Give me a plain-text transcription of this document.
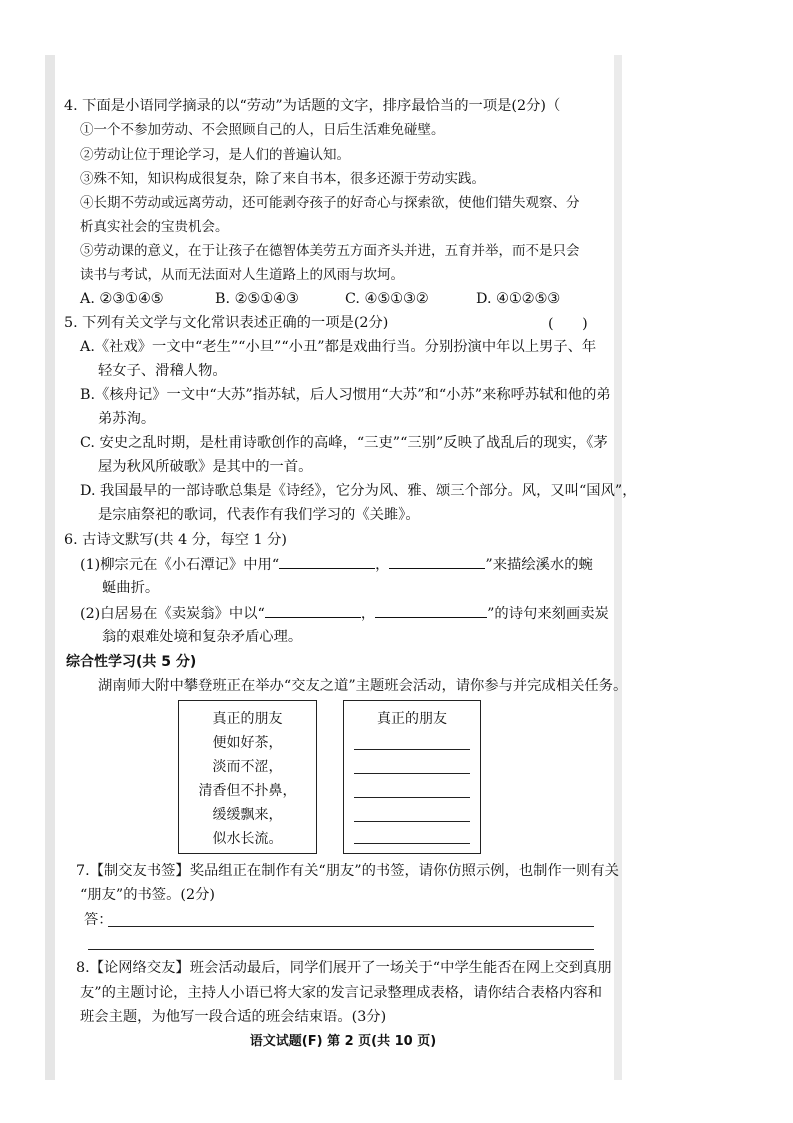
4. 下面是小语同学摘录的以“劳动”为话题的文字，排序最恰当的一项是(2分)（
①一个不参加劳动、不会照顾自己的人，日后生活难免碰壁。
②劳动让位于理论学习，是人们的普遍认知。
③殊不知，知识构成很复杂，除了来自书本，很多还源于劳动实践。
④长期不劳动或远离劳动，还可能剥夺孩子的好奇心与探索欲，使他们错失观察、分
析真实社会的宝贵机会。
⑤劳动课的意义，在于让孩子在德智体美劳五方面齐头并进，五育并举，而不是只会
读书与考试，从而无法面对人生道路上的风雨与坎坷。
A. ②③①④⑤	B. ②⑤①④③	C. ④⑤①③②	D. ④①②⑤③
5. 下列有关文学与文化常识表述正确的一项是(2分)	(　　)
A.《社戏》一文中“老生”“小旦”“小丑”都是戏曲行当。分别扮演中年以上男子、年
轻女子、滑稽人物。
B.《核舟记》一文中“大苏”指苏轼，后人习惯用“大苏”和“小苏”来称呼苏轼和他的弟
弟苏洵。
C. 安史之乱时期，是杜甫诗歌创作的高峰，“三吏”“三别”反映了战乱后的现实，《茅
屋为秋风所破歌》是其中的一首。
D. 我国最早的一部诗歌总集是《诗经》，它分为风、雅、颂三个部分。风，又叫“国风”，
是宗庙祭祀的歌词，代表作有我们学习的《关雎》。
6. 古诗文默写(共 4 分，每空 1 分)
(1)柳宗元在《小石潭记》中用“	，	”来描绘溪水的蜿
蜒曲折。
(2)白居易在《卖炭翁》中以“	，	”的诗句来刻画卖炭
翁的艰难处境和复杂矛盾心理。
综合性学习(共 5 分)
湖南师大附中攀登班正在举办“交友之道”主题班会活动，请你参与并完成相关任务。
真正的朋友
便如好茶，
淡而不涩，
清香但不扑鼻，
缓缓飘来，
似水长流。
真正的朋友
7.【制交友书签】奖品组正在制作有关“朋友”的书签，请你仿照示例，也制作一则有关
“朋友”的书签。(2分)
答：
8.【论网络交友】班会活动最后，同学们展开了一场关于“中学生能否在网上交到真朋
友”的主题讨论，主持人小语已将大家的发言记录整理成表格，请你结合表格内容和
班会主题，为他写一段合适的班会结束语。(3分)
语文试题(F) 第 2 页(共 10 页)
